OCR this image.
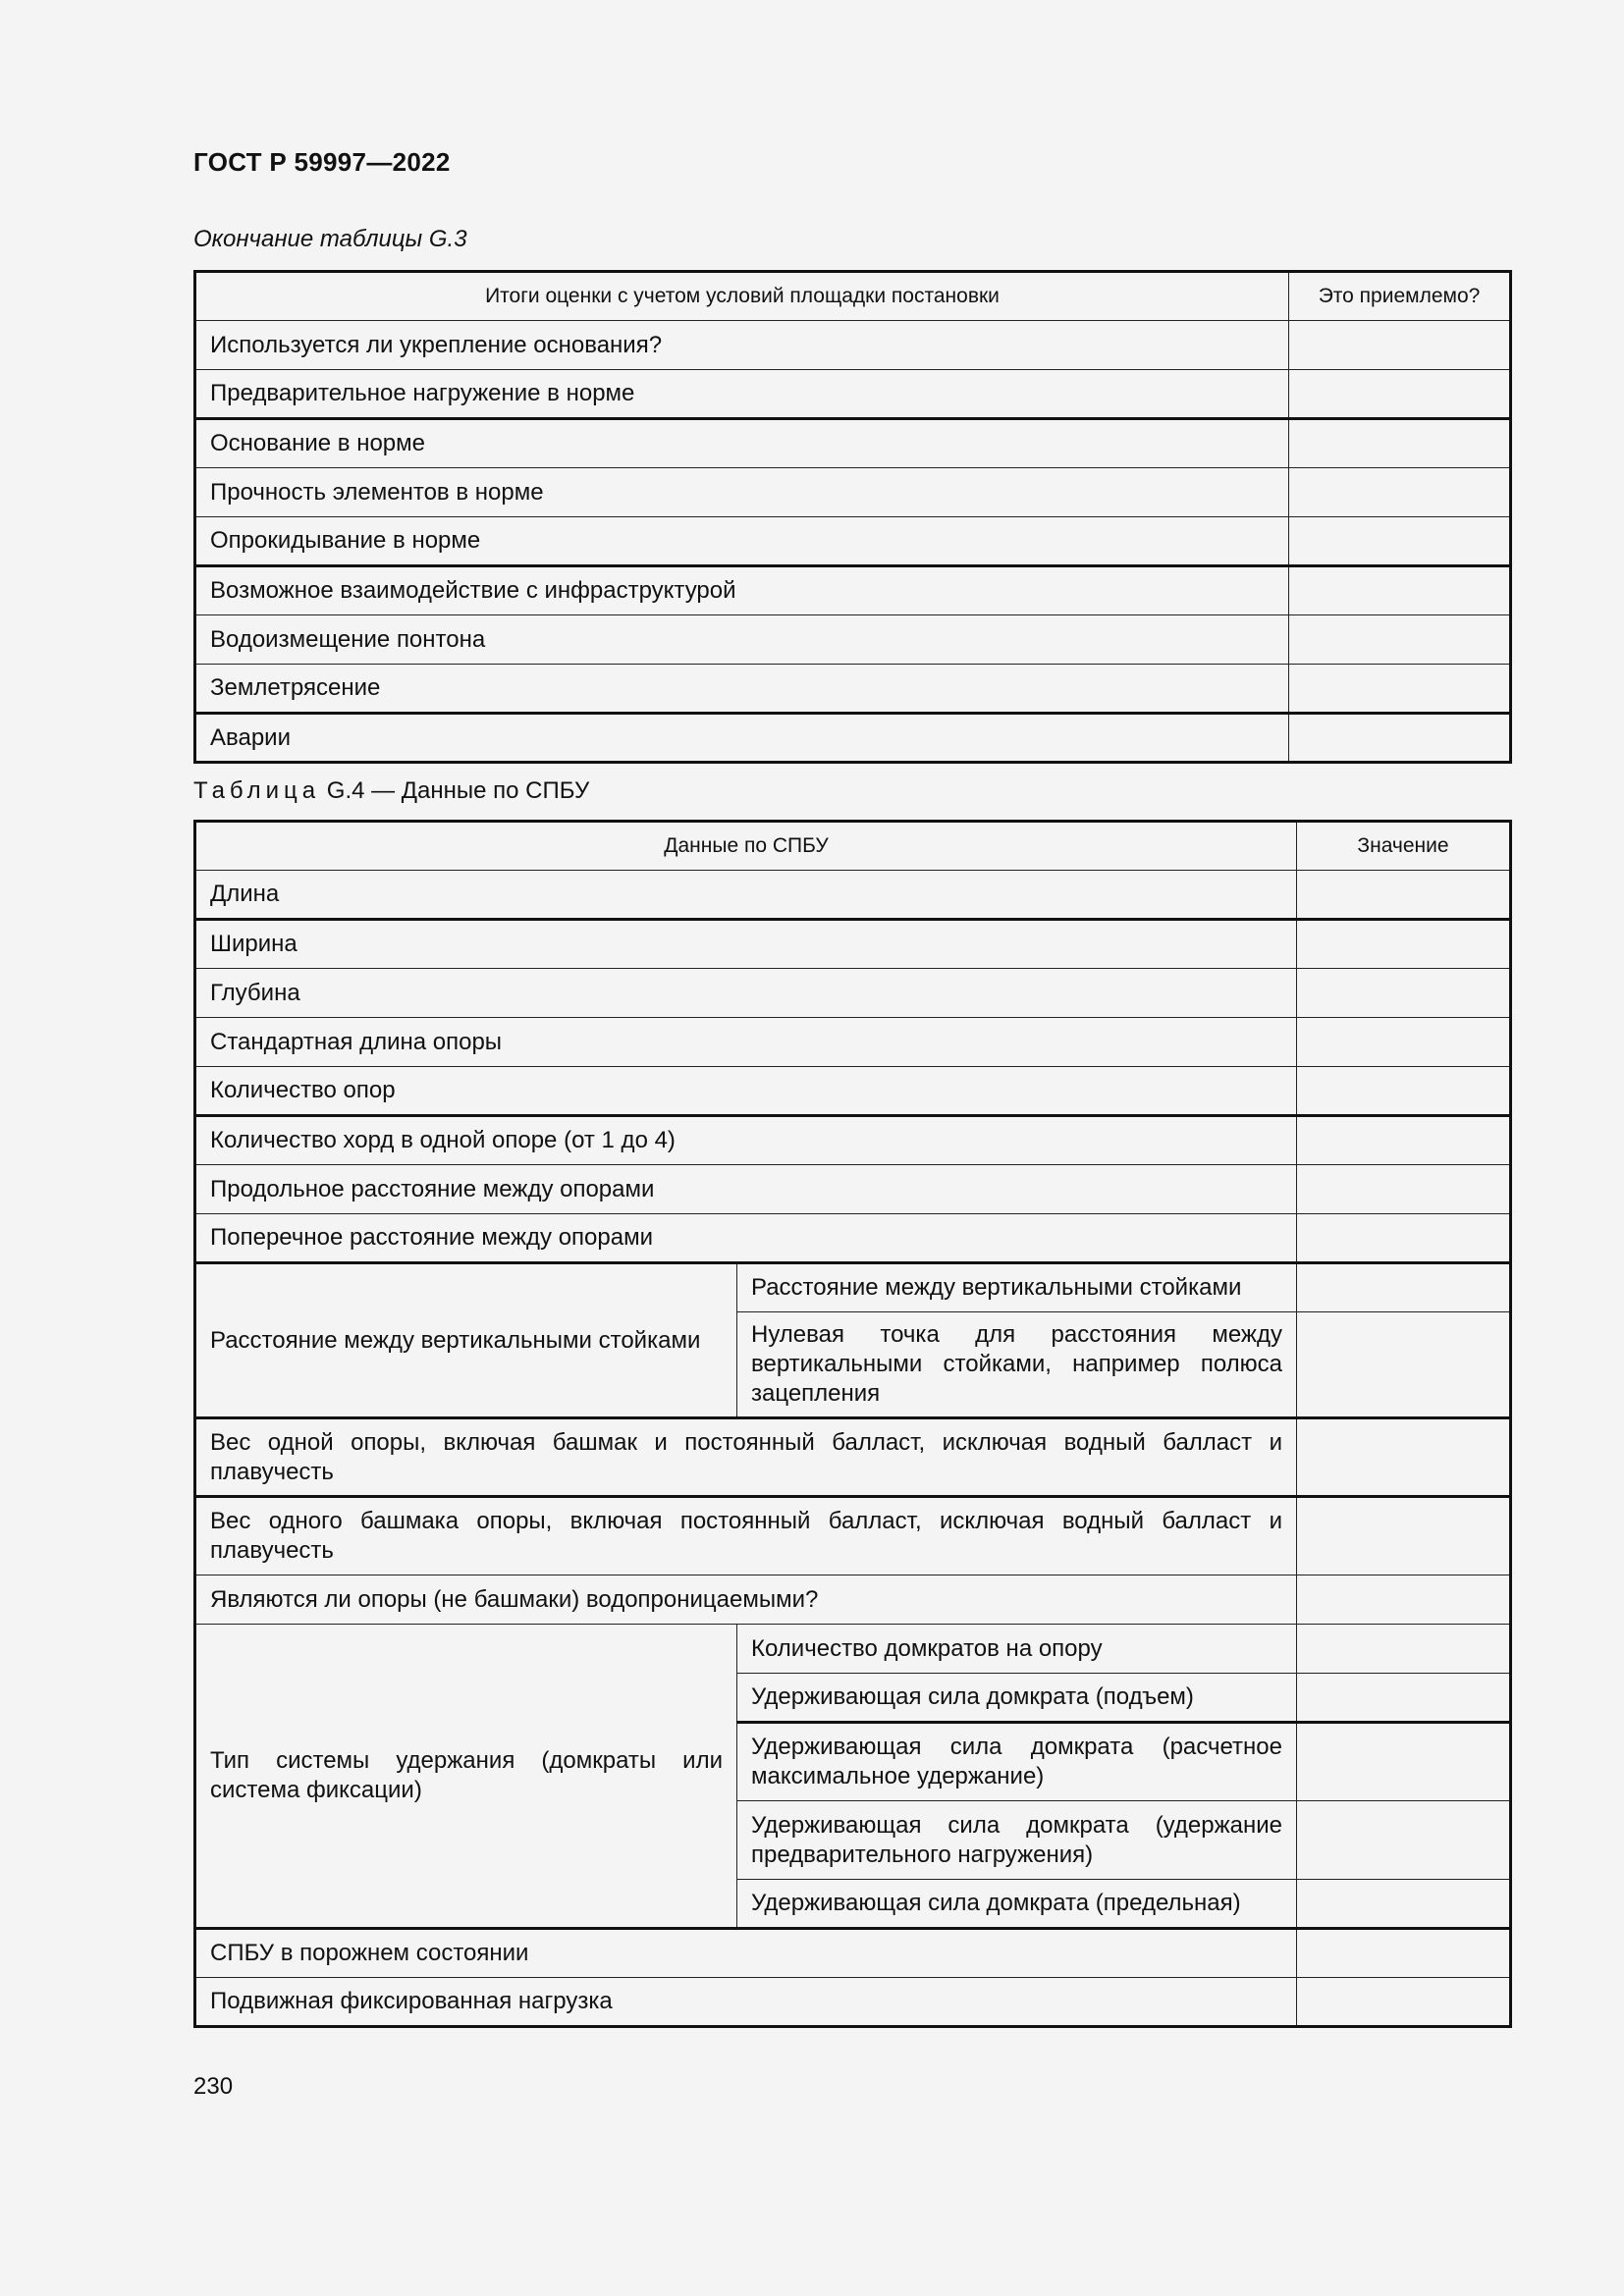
ГОСТ Р 59997—2022
Окончание таблицы G.3
Итоги оценки с учетом условий площадки постановки	Это приемлемо?
Используется ли укрепление основания?	
Предварительное нагружение в норме	
Основание в норме	
Прочность элементов в норме	
Опрокидывание в норме	
Возможное взаимодействие с инфраструктурой	
Водоизмещение понтона	
Землетрясение	
Аварии	
Таблица G.4 — Данные по СПБУ
Данные по СПБУ		Значение
Длина		
Ширина		
Глубина		
Стандартная длина опоры		
Количество опор		
Количество хорд в одной опоре (от 1 до 4)		
Продольное расстояние между опорами		
Поперечное расстояние между опорами		
Расстояние между вертикальными стойками	Расстояние между вертикальными стойками	
	Нулевая точка для расстояния между вертикальными стойками, например полюса зацепления	
Вес одной опоры, включая башмак и постоянный балласт, исключая водный балласт и плавучесть		
Вес одного башмака опоры, включая постоянный балласт, исключая водный балласт и плавучесть		
Являются ли опоры (не башмаки) водопроницаемыми?		
Тип системы удержания (домкраты или система фиксации)	Количество домкратов на опору	
	Удерживающая сила домкрата (подъем)	
	Удерживающая сила домкрата (расчетное максимальное удержание)	
	Удерживающая сила домкрата (удержание предварительного нагружения)	
	Удерживающая сила домкрата (предельная)	
СПБУ в порожнем состоянии		
Подвижная фиксированная нагрузка		
230
